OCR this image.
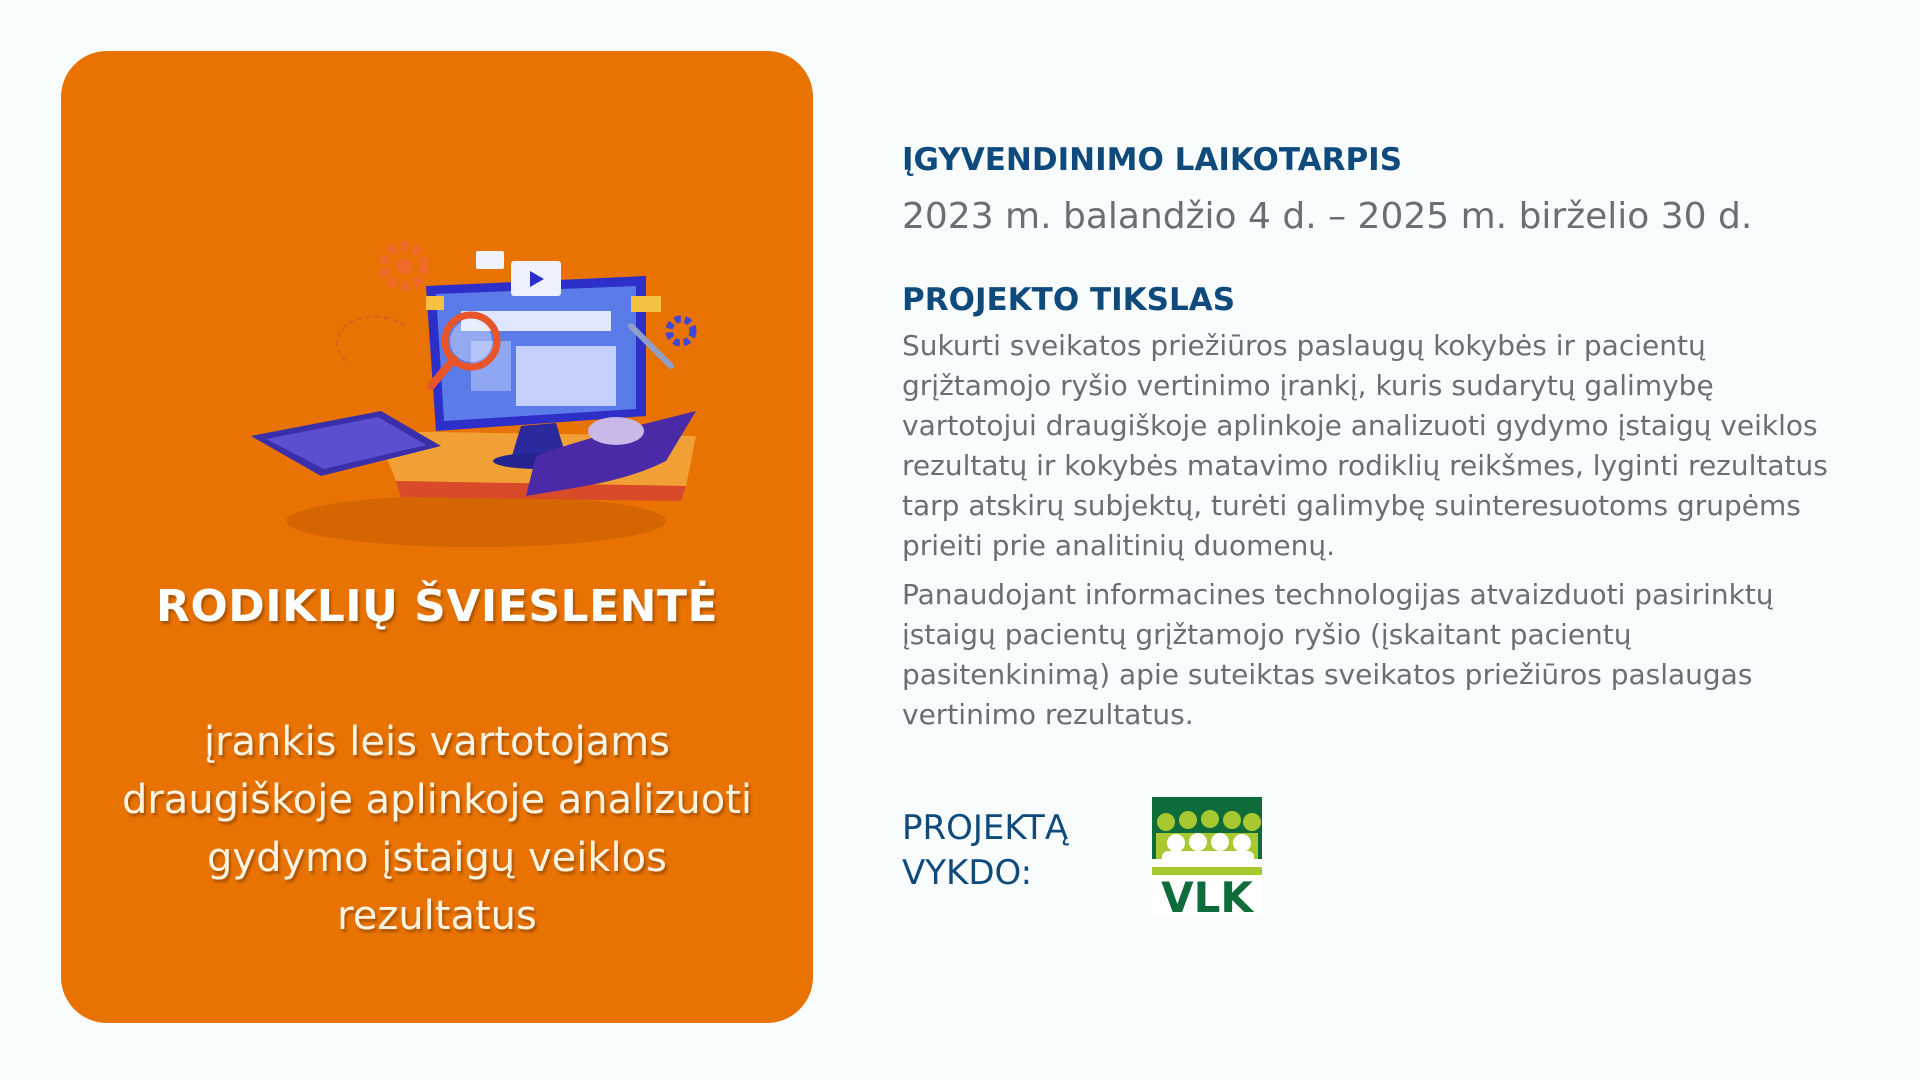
RODIKLIŲ ŠVIESLENTĖ
įrankis leis vartotojams draugiškoje aplinkoje analizuoti gydymo įstaigų veiklos rezultatus
ĮGYVENDINIMO LAIKOTARPIS
2023 m. balandžio 4 d. – 2025 m. birželio 30 d.
PROJEKTO TIKSLAS

Sukurti sveikatos priežiūros paslaugų kokybės ir pacientų grįžtamojo ryšio vertinimo įrankį, kuris sudarytų galimybę vartotojui draugiškoje aplinkoje analizuoti gydymo įstaigų veiklos rezultatų ir kokybės matavimo rodiklių reikšmes, lyginti rezultatus tarp atskirų subjektų, turėti galimybę suinteresuotoms grupėms prieiti prie analitinių duomenų.

Panaudojant informacines technologijas atvaizduoti pasirinktų įstaigų pacientų grįžtamojo ryšio (įskaitant pacientų pasitenkinimą) apie suteiktas sveikatos priežiūros paslaugas vertinimo rezultatus.

PROJEKTĄ
VYKDO:	VLK
